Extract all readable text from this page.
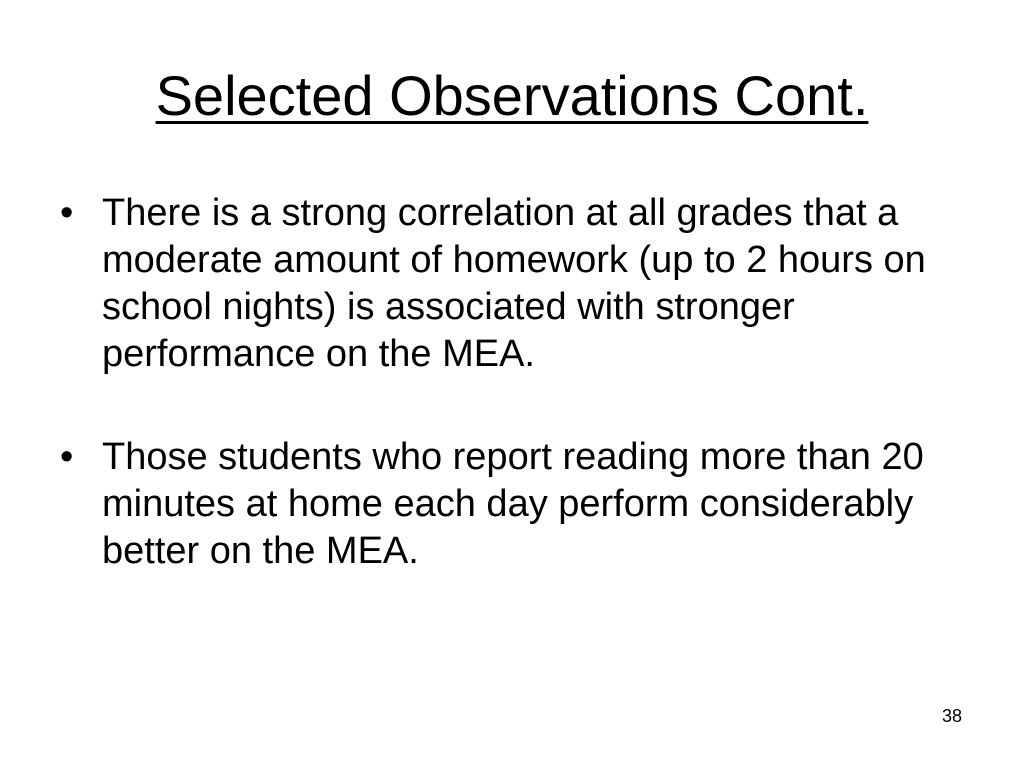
Selected Observations Cont.
• There is a strong correlation at all grades that a moderate amount of homework (up to 2 hours on school nights) is associated with stronger performance on the MEA.
• Those students who report reading more than 20 minutes at home each day perform considerably better on the MEA.
38
